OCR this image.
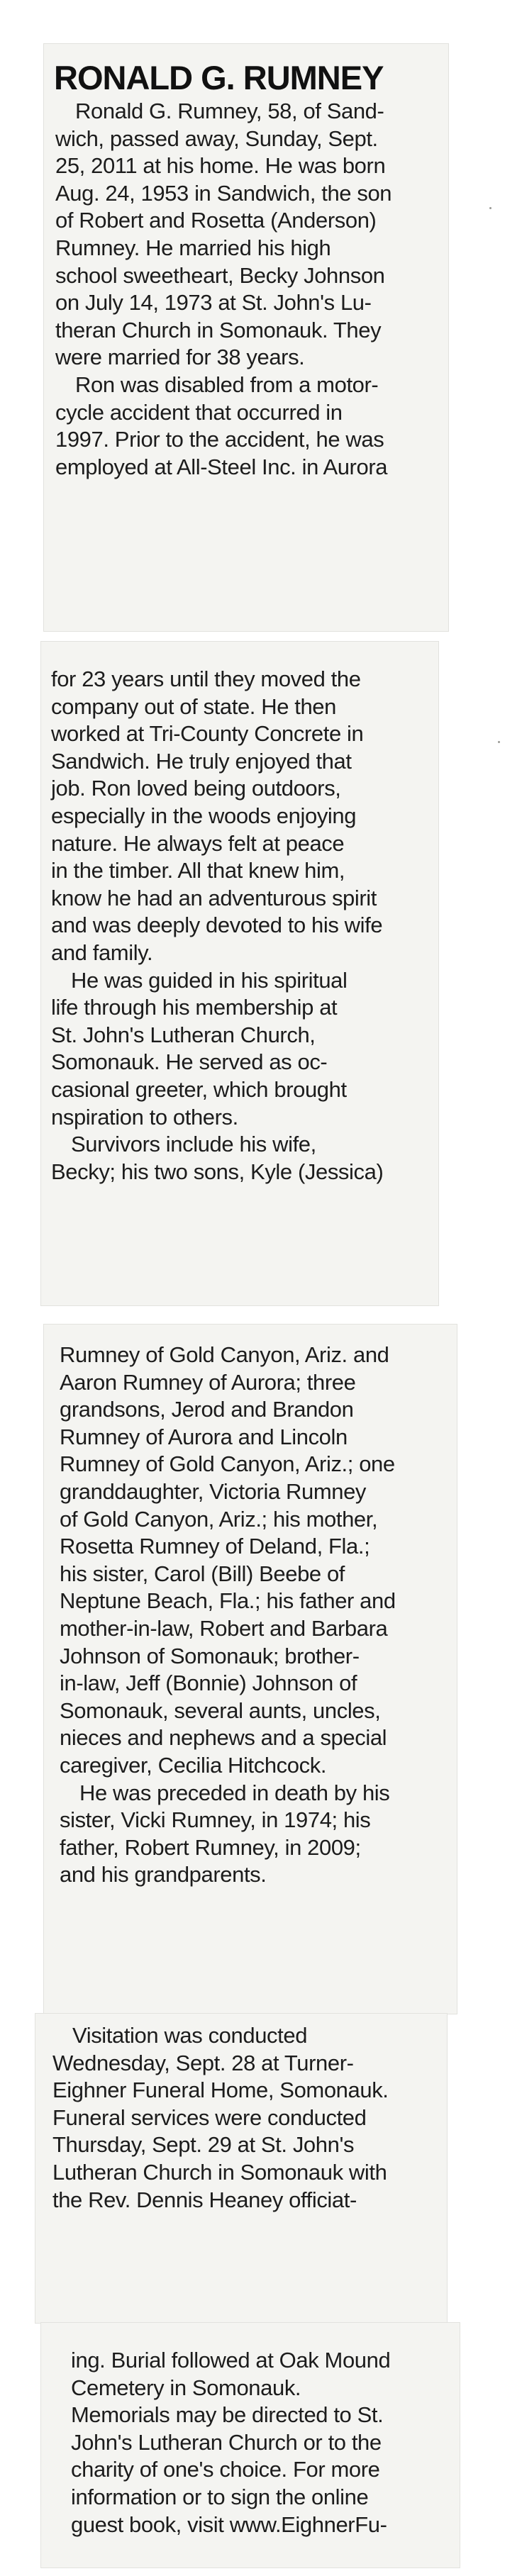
RONALD G. RUMNEY
Ronald G. Rumney, 58, of Sand-
wich, passed away, Sunday, Sept.
25, 2011 at his home. He was born
Aug. 24, 1953 in Sandwich, the son
of Robert and Rosetta (Anderson)
Rumney. He married his high
school sweetheart, Becky Johnson
on July 14, 1973 at St. John's Lu-
theran Church in Somonauk. They
were married for 38 years.
Ron was disabled from a motor-
cycle accident that occurred in
1997. Prior to the accident, he was
employed at All-Steel Inc. in Aurora
for 23 years until they moved the
company out of state. He then
worked at Tri-County Concrete in
Sandwich. He truly enjoyed that
job. Ron loved being outdoors,
especially in the woods enjoying
nature. He always felt at peace
in the timber. All that knew him,
know he had an adventurous spirit
and was deeply devoted to his wife
and family.
He was guided in his spiritual
life through his membership at
St. John's Lutheran Church,
Somonauk. He served as oc-
casional greeter, which brought
nspiration to others.
Survivors include his wife,
Becky; his two sons, Kyle (Jessica)
Rumney of Gold Canyon, Ariz. and
Aaron Rumney of Aurora; three
grandsons, Jerod and Brandon
Rumney of Aurora and Lincoln
Rumney of Gold Canyon, Ariz.; one
granddaughter, Victoria Rumney
of Gold Canyon, Ariz.; his mother,
Rosetta Rumney of Deland, Fla.;
his sister, Carol (Bill) Beebe of
Neptune Beach, Fla.; his father and
mother-in-law, Robert and Barbara
Johnson of Somonauk; brother-
in-law, Jeff (Bonnie) Johnson of
Somonauk, several aunts, uncles,
nieces and nephews and a special
caregiver, Cecilia Hitchcock.
He was preceded in death by his
sister, Vicki Rumney, in 1974; his
father, Robert Rumney, in 2009;
and his grandparents.
Visitation was conducted
Wednesday, Sept. 28 at Turner-
Eighner Funeral Home, Somonauk.
Funeral services were conducted
Thursday, Sept. 29 at St. John's
Lutheran Church in Somonauk with
the Rev. Dennis Heaney officiat-
ing. Burial followed at Oak Mound
Cemetery in Somonauk.
Memorials may be directed to St.
John's Lutheran Church or to the
charity of one's choice. For more
information or to sign the online
guest book, visit www.EighnerFu-
